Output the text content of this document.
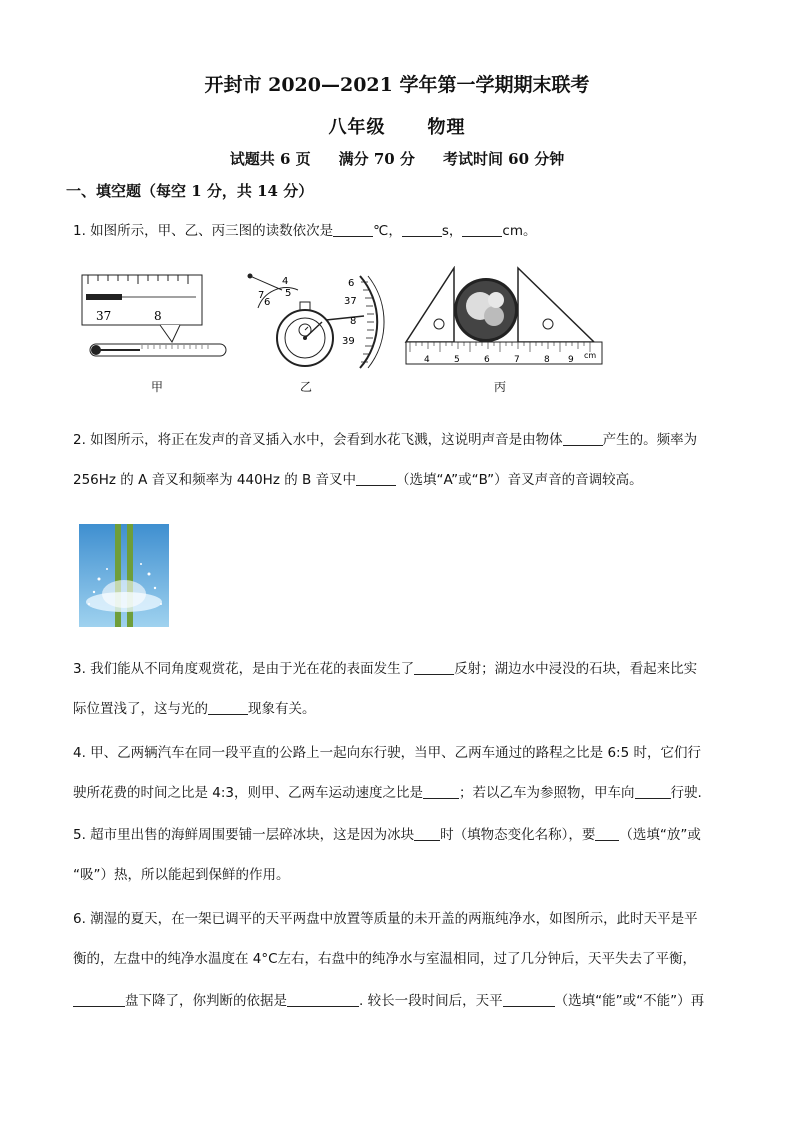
开封市 2020—2021 学年第一学期期末联考
八年级 物理
试题共 6 页 满分 70 分 考试时间 60 分钟
一、填空题（每空 1 分，共 14 分）
1. 如图所示，甲、乙、丙三图的读数依次是	℃，	s，	cm。
37	8
甲
4
5
6
7
6
37
8
39
乙
4	5	6	7	8 9 cm
丙
2. 如图所示，将正在发声的音叉插入水中，会看到水花飞溅，这说明声音是由物体	产生的。频率为
256Hz 的 A 音叉和频率为 440Hz 的 B 音叉中	（选填“A”或“B”）音叉声音的音调较高。
3. 我们能从不同角度观赏花，是由于光在花的表面发生了	反射；湖边水中浸没的石块，看起来比实
际位置浅了，这与光的	现象有关。
4. 甲、乙两辆汽车在同一段平直的公路上一起向东行驶，当甲、乙两车通过的路程之比是 6:5 时，它们行
驶所花费的时间之比是 4:3，则甲、乙两车运动速度之比是	；若以乙车为参照物，甲车向	行驶.
5. 超市里出售的海鲜周围要铺一层碎冰块，这是因为冰块 时（填物态变化名称），要 （选填“放”或
“吸”）热，所以能起到保鲜的作用。
6. 潮湿的夏天，在一架已调平的天平两盘中放置等质量的未开盖的两瓶纯净水，如图所示，此时天平是平
衡的，左盘中的纯净水温度在 4°C左右，右盘中的纯净水与室温相同，过了几分钟后，天平失去了平衡，
盘下降了，你判断的依据是	. 较长一段时间后，天平	（选填“能”或“不能”）再
